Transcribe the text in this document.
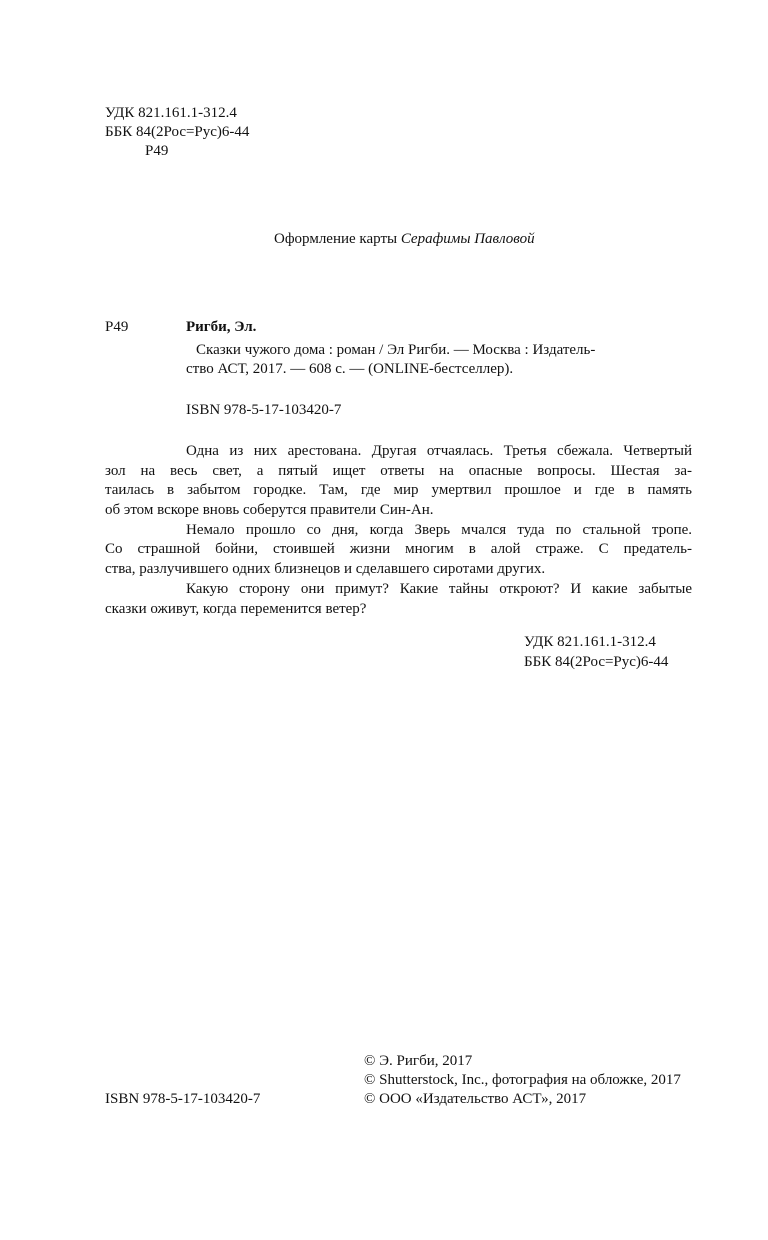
УДК 821.161.1-312.4
ББК 84(2Рос=Рус)6-44
Р49
Оформление карты Серафимы Павловой
Р49	Ригби, Эл.
Сказки чужого дома : роман / Эл Ригби. — Москва : Издатель-
ство АСТ, 2017. — 608 с. — (ONLINE-бестселлер).
ISBN 978-5-17-103420-7
Одна из них арестована. Другая отчаялась. Третья сбежала. Четвертый
зол на весь свет, а пятый ищет ответы на опасные вопросы. Шестая за-
таилась в забытом городке. Там, где мир умертвил прошлое и где в память
об этом вскоре вновь соберутся правители Син-Ан.
Немало прошло со дня, когда Зверь мчался туда по стальной тропе.
Со страшной бойни, стоившей жизни многим в алой страже. С предатель-
ства, разлучившего одних близнецов и сделавшего сиротами других.
Какую сторону они примут? Какие тайны откроют? И какие забытые
сказки оживут, когда переменится ветер?
УДК 821.161.1-312.4
ББК 84(2Рос=Рус)6-44
© Э. Ригби, 2017
© Shutterstock, Inc., фотография на обложке, 2017
© ООО «Издательство АСТ», 2017
ISBN 978-5-17-103420-7
